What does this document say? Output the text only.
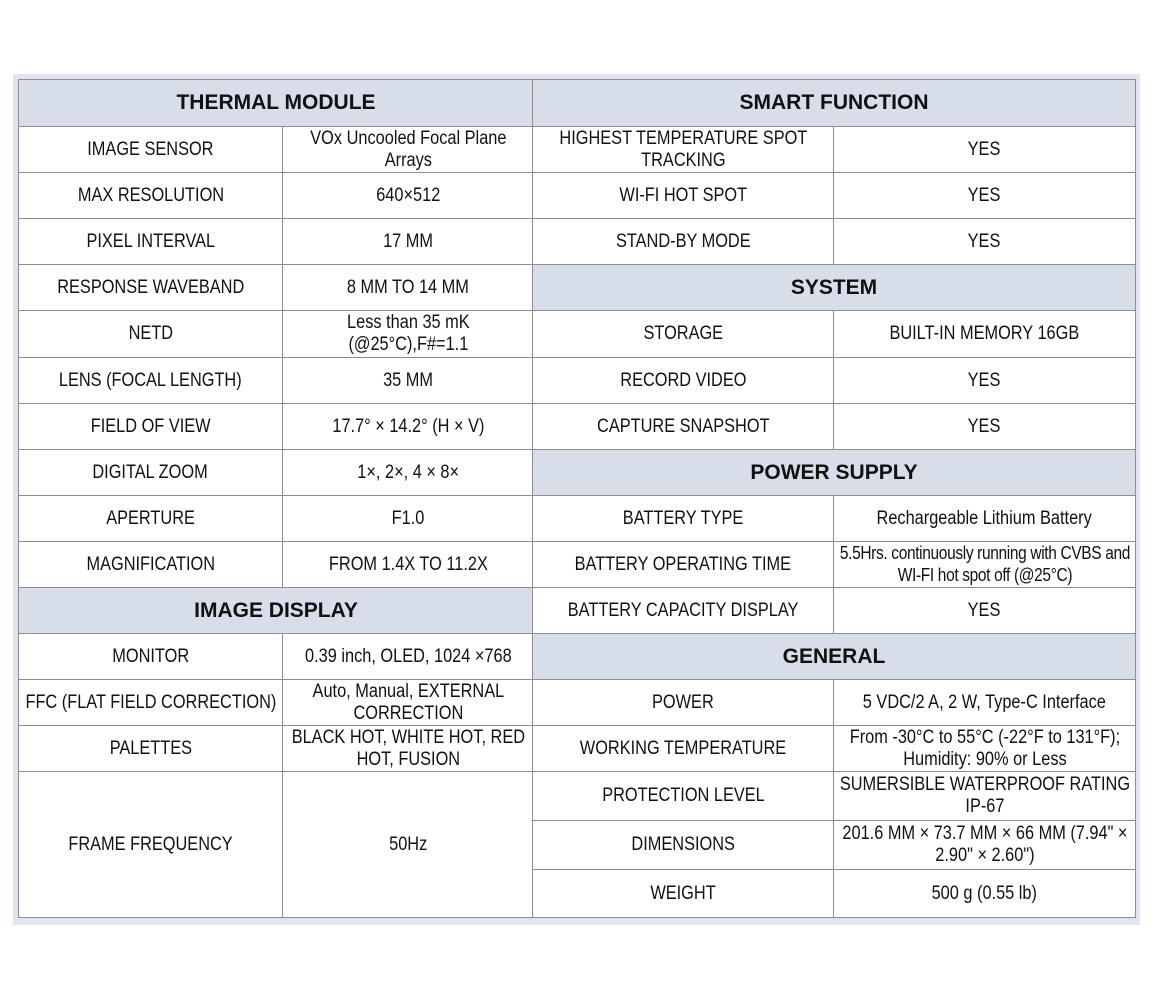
THERMAL MODULE	
IMAGE SENSOR	VOx Uncooled Focal Plane Arrays
MAX RESOLUTION	640×512
PIXEL INTERVAL	17 MM
RESPONSE WAVEBAND	8 MM TO 14 MM
NETD	Less than 35 mK (@25°C),F#=1.1
LENS (FOCAL LENGTH)	35 MM
FIELD OF VIEW	17.7° × 14.2° (H × V)
DIGITAL ZOOM	1×, 2×, 4 × 8×
APERTURE	F1.0
MAGNIFICATION	FROM 1.4X TO 11.2X
IMAGE DISPLAY	
MONITOR	0.39 inch, OLED, 1024 ×768
FFC (FLAT FIELD CORRECTION)	Auto, Manual, EXTERNAL CORRECTION
PALETTES	BLACK HOT, WHITE HOT, RED HOT, FUSION
FRAME FREQUENCY	50Hz
SMART FUNCTION	
HIGHEST TEMPERATURE SPOT TRACKING	YES
WI-FI HOT SPOT	YES
STAND-BY MODE	YES
SYSTEM	
STORAGE	BUILT-IN MEMORY 16GB
RECORD VIDEO	YES
CAPTURE SNAPSHOT	YES
POWER SUPPLY	
BATTERY TYPE	Rechargeable Lithium Battery
BATTERY OPERATING TIME	5.5Hrs. continuously running with CVBS and WI-FI hot spot off (@25°C)
BATTERY CAPACITY DISPLAY	YES
GENERAL	
POWER	5 VDC/2 A, 2 W, Type-C Interface
WORKING TEMPERATURE	From -30°C to 55°C (-22°F to 131°F); Humidity: 90% or Less
PROTECTION LEVEL	SUMERSIBLE WATERPROOF RATING IP-67
DIMENSIONS	201.6 MM × 73.7 MM × 66 MM (7.94" × 2.90" × 2.60")
WEIGHT	500 g (0.55 lb)
